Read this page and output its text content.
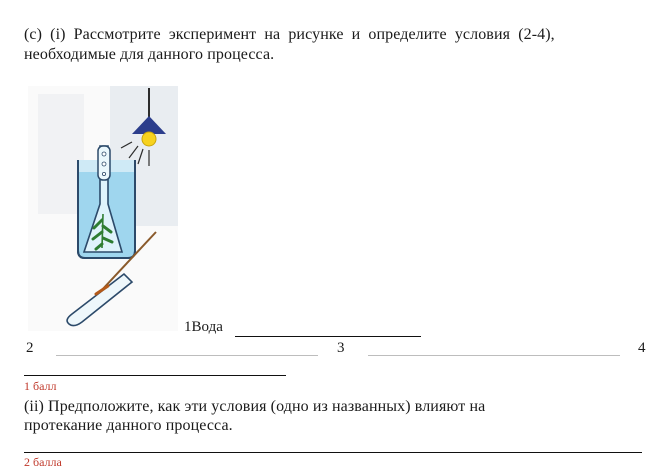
(c) (i) Рассмотрите эксперимент на рисунке и определите условия (2-4),
необходимые для данного процесса.
1Вода
2	3	4
1 балл
(ii) Предположите, как эти условия (одно из названных) влияют на
протекание данного процесса.
2 балла
